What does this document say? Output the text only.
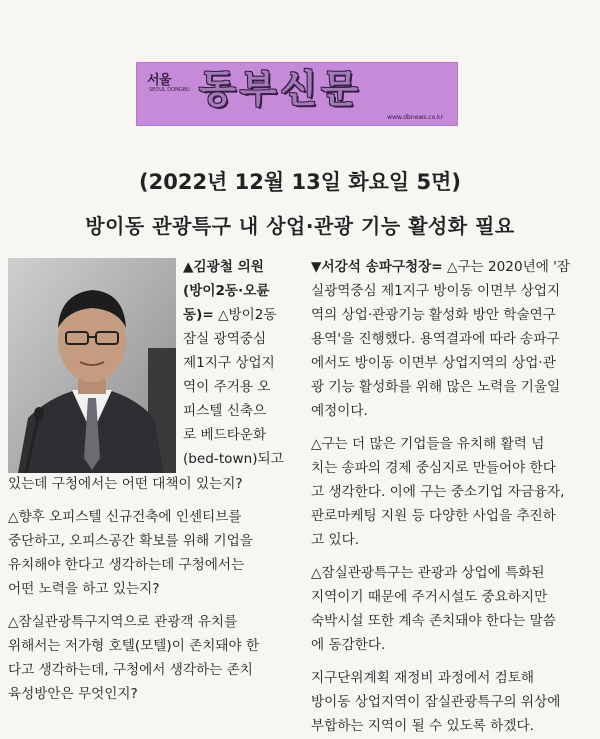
서울
SEOUL DONGBU 동부신문
www.dbnews.co.kr
(2022년 12월 13일 화요일 5면)
방이동 관광특구 내 상업·관광 기능 활성화 필요
▲김광철 의원
(방이2동·오륜
동)= △방이2동
잠실 광역중심
제1지구 상업지
역이 주거용 오
피스텔 신축으
로 베드타운화
(bed-town)되고
있는데 구청에서는 어떤 대책이 있는지?
△향후 오피스텔 신규건축에 인센티브를
중단하고, 오피스공간 확보를 위해 기업을
유치해야 한다고 생각하는데 구청에서는
어떤 노력을 하고 있는지?
△잠실관광특구지역으로 관광객 유치를
위해서는 저가형 호텔(모텔)이 존치돼야 한
다고 생각하는데, 구청에서 생각하는 존치
육성방안은 무엇인지?
▼서강석 송파구청장= △구는 2020년에 '잠
실광역중심 제1지구 방이동 이면부 상업지
역의 상업·관광기능 활성화 방안 학술연구
용역'을 진행했다. 용역결과에 따라 송파구
에서도 방이동 이면부 상업지역의 상업·관
광 기능 활성화를 위해 많은 노력을 기울일
예정이다.
△구는 더 많은 기업들을 유치해 활력 넘
치는 송파의 경제 중심지로 만들어야 한다
고 생각한다. 이에 구는 중소기업 자금융자,
판로마케팅 지원 등 다양한 사업을 추진하
고 있다.
△잠실관광특구는 관광과 상업에 특화된
지역이기 때문에 주거시설도 중요하지만
숙박시설 또한 계속 존치돼야 한다는 말씀
에 동감한다.
지구단위계획 재정비 과정에서 검토해
방이동 상업지역이 잠실관광특구의 위상에
부합하는 지역이 될 수 있도록 하겠다.
